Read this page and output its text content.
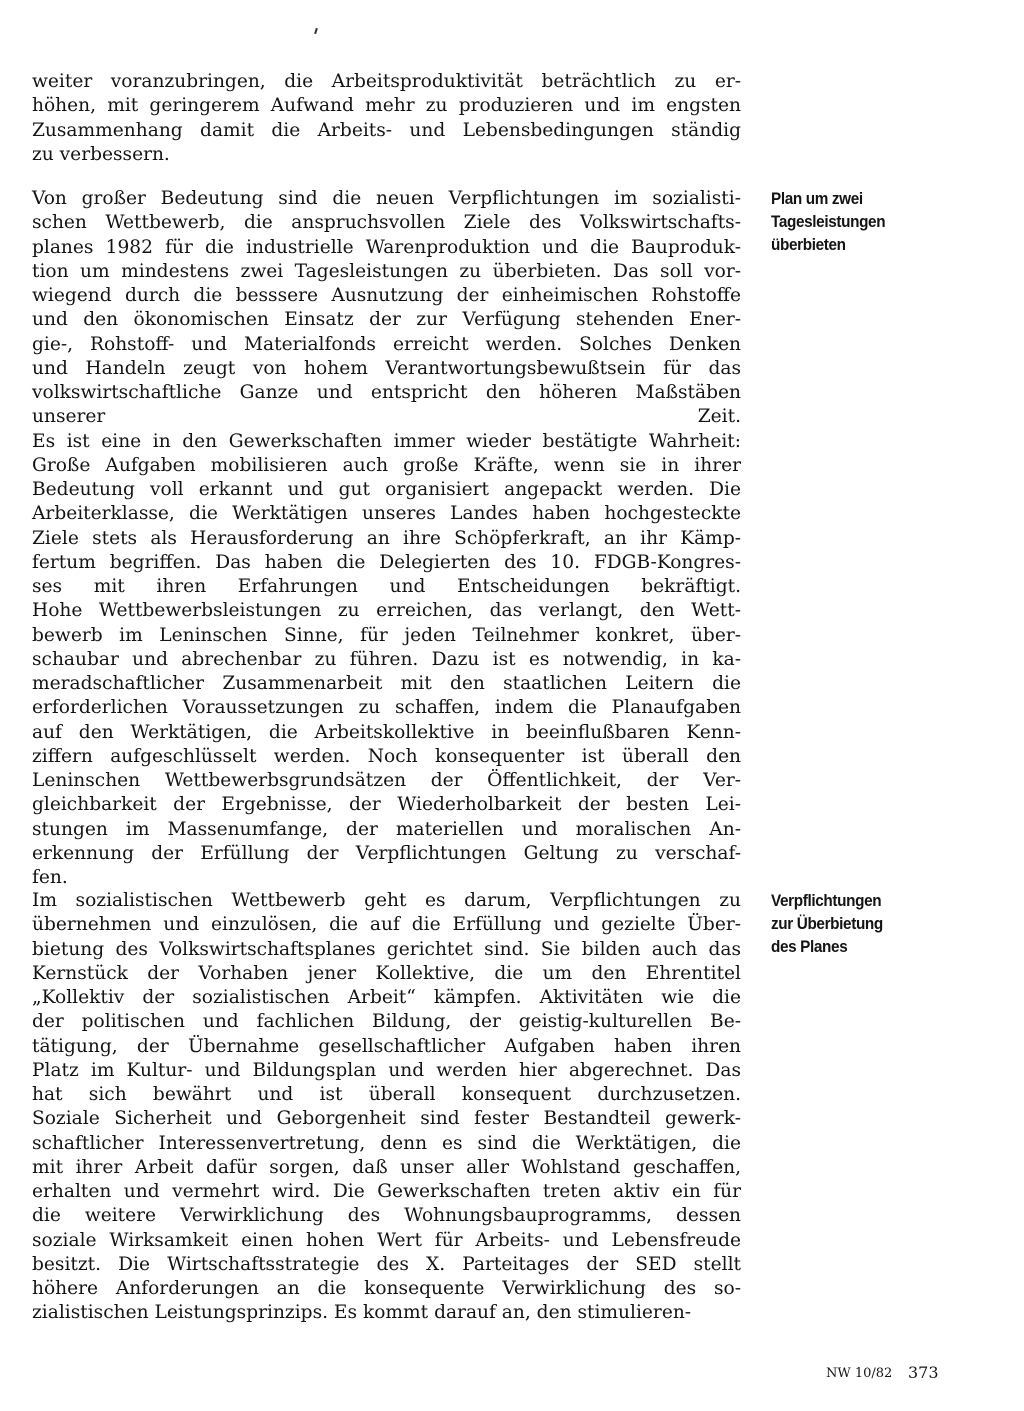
weiter voranzubringen, die Arbeitsproduktivität beträchtlich zu er-

höhen, mit geringerem Aufwand mehr zu produzieren und im engsten

Zusammenhang damit die Arbeits- und Lebensbedingungen ständig

zu verbessern.

Von großer Bedeutung sind die neuen Verpflichtungen im sozialisti-

schen Wettbewerb, die anspruchsvollen Ziele des Volkswirtschafts-

planes 1982 für die industrielle Warenproduktion und die Bauproduk-

tion um mindestens zwei Tagesleistungen zu überbieten. Das soll vor-

wiegend durch die besssere Ausnutzung der einheimischen Rohstoffe

und den ökonomischen Einsatz der zur Verfügung stehenden Ener-

gie-, Rohstoff- und Materialfonds erreicht werden. Solches Denken

und Handeln zeugt von hohem Verantwortungsbewußtsein für das

volkswirtschaftliche Ganze und entspricht den höheren Maßstäben

unserer Zeit.

Es ist eine in den Gewerkschaften immer wieder bestätigte Wahrheit:

Große Aufgaben mobilisieren auch große Kräfte, wenn sie in ihrer

Bedeutung voll erkannt und gut organisiert angepackt werden. Die

Arbeiterklasse, die Werktätigen unseres Landes haben hochgesteckte

Ziele stets als Herausforderung an ihre Schöpferkraft, an ihr Kämp-

fertum begriffen. Das haben die Delegierten des 10. FDGB-Kongres-

ses mit ihren Erfahrungen und Entscheidungen bekräftigt.

Hohe Wettbewerbsleistungen zu erreichen, das verlangt, den Wett-

bewerb im Leninschen Sinne, für jeden Teilnehmer konkret, über-

schaubar und abrechenbar zu führen. Dazu ist es notwendig, in ka-

meradschaftlicher Zusammenarbeit mit den staatlichen Leitern die

erforderlichen Voraussetzungen zu schaffen, indem die Planaufgaben

auf den Werktätigen, die Arbeitskollektive in beeinflußbaren Kenn-

ziffern aufgeschlüsselt werden. Noch konsequenter ist überall den

Leninschen Wettbewerbsgrundsätzen der Öffentlichkeit, der Ver-

gleichbarkeit der Ergebnisse, der Wiederholbarkeit der besten Lei-

stungen im Massenumfange, der materiellen und moralischen An-

erkennung der Erfüllung der Verpflichtungen Geltung zu verschaf-

fen.

Im sozialistischen Wettbewerb geht es darum, Verpflichtungen zu

übernehmen und einzulösen, die auf die Erfüllung und gezielte Über-

bietung des Volkswirtschaftsplanes gerichtet sind. Sie bilden auch das

Kernstück der Vorhaben jener Kollektive, die um den Ehrentitel

„Kollektiv der sozialistischen Arbeit“ kämpfen. Aktivitäten wie die

der politischen und fachlichen Bildung, der geistig-kulturellen Be-

tätigung, der Übernahme gesellschaftlicher Aufgaben haben ihren

Platz im Kultur- und Bildungsplan und werden hier abgerechnet. Das

hat sich bewährt und ist überall konsequent durchzusetzen.

Soziale Sicherheit und Geborgenheit sind fester Bestandteil gewerk-

schaftlicher Interessenvertretung, denn es sind die Werktätigen, die

mit ihrer Arbeit dafür sorgen, daß unser aller Wohlstand geschaffen,

erhalten und vermehrt wird. Die Gewerkschaften treten aktiv ein für

die weitere Verwirklichung des Wohnungsbauprogramms, dessen

soziale Wirksamkeit einen hohen Wert für Arbeits- und Lebensfreude

besitzt. Die Wirtschaftsstrategie des X. Parteitages der SED stellt

höhere Anforderungen an die konsequente Verwirklichung des so-

zialistischen Leistungsprinzips. Es kommt darauf an, den stimulieren-

Plan um zwei
Tagesleistungen
überbieten
Verpflichtungen
zur Überbietung
des Planes
NW 10/82 373
